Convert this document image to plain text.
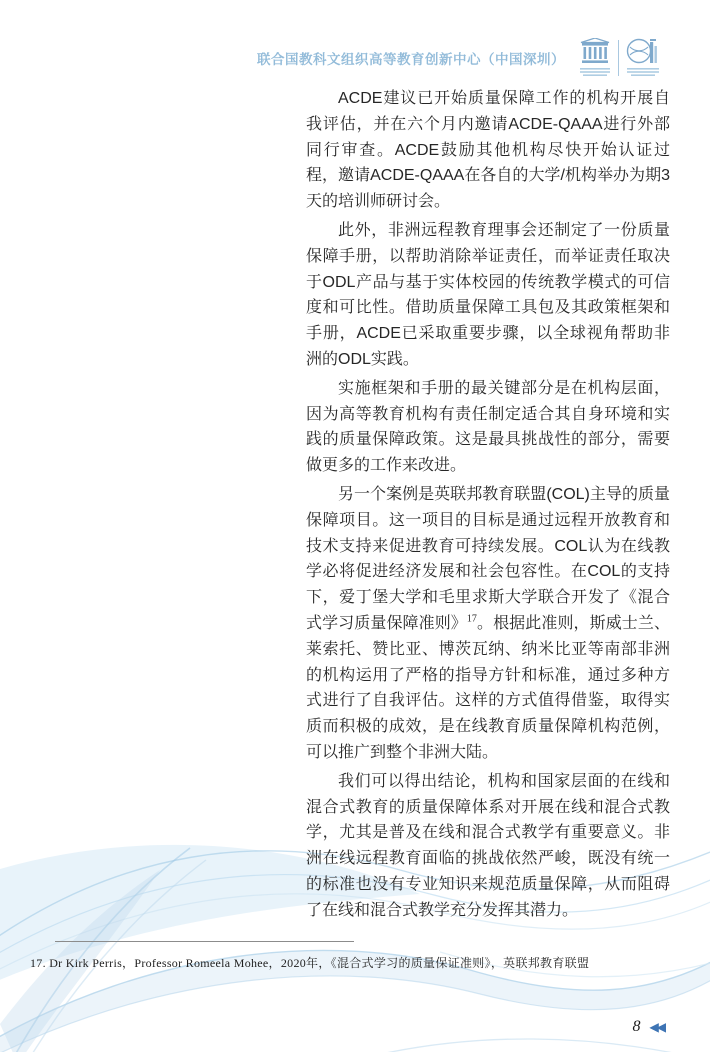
联合国教科文组织高等教育创新中心（中国深圳）

ACDE建议已开始质量保障工作的机构开展自我评估，并在六个月内邀请ACDE-QAAA进行外部同行审查。ACDE鼓励其他机构尽快开始认证过程，邀请ACDE-QAAA在各自的大学/机构举办为期3天的培训师研讨会。

此外，非洲远程教育理事会还制定了一份质量保障手册，以帮助消除举证责任，而举证责任取决于ODL产品与基于实体校园的传统教学模式的可信度和可比性。借助质量保障工具包及其政策框架和手册，ACDE已采取重要步骤，以全球视角帮助非洲的ODL实践。

实施框架和手册的最关键部分是在机构层面，因为高等教育机构有责任制定适合其自身环境和实践的质量保障政策。这是最具挑战性的部分，需要做更多的工作来改进。

另一个案例是英联邦教育联盟(COL)主导的质量保障项目。这一项目的目标是通过远程开放教育和技术支持来促进教育可持续发展。COL认为在线教学必将促进经济发展和社会包容性。在COL的支持下，爱丁堡大学和毛里求斯大学联合开发了《混合式学习质量保障准则》$^{17}$。根据此准则，斯威士兰、莱索托、赞比亚、博茨瓦纳、纳米比亚等南部非洲的机构运用了严格的指导方针和标准，通过多种方式进行了自我评估。这样的方式值得借鉴，取得实质而积极的成效，是在线教育质量保障机构范例，可以推广到整个非洲大陆。

我们可以得出结论，机构和国家层面的在线和混合式教育的质量保障体系对开展在线和混合式教学，尤其是普及在线和混合式教学有重要意义。非洲在线远程教育面临的挑战依然严峻，既没有统一的标准也没有专业知识来规范质量保障，从而阻碍了在线和混合式教学充分发挥其潜力。

17. Dr Kirk Perris，Professor Romeela Mohee，2020年，《混合式学习的质量保证准则》，英联邦教育联盟
8 ◀◀
